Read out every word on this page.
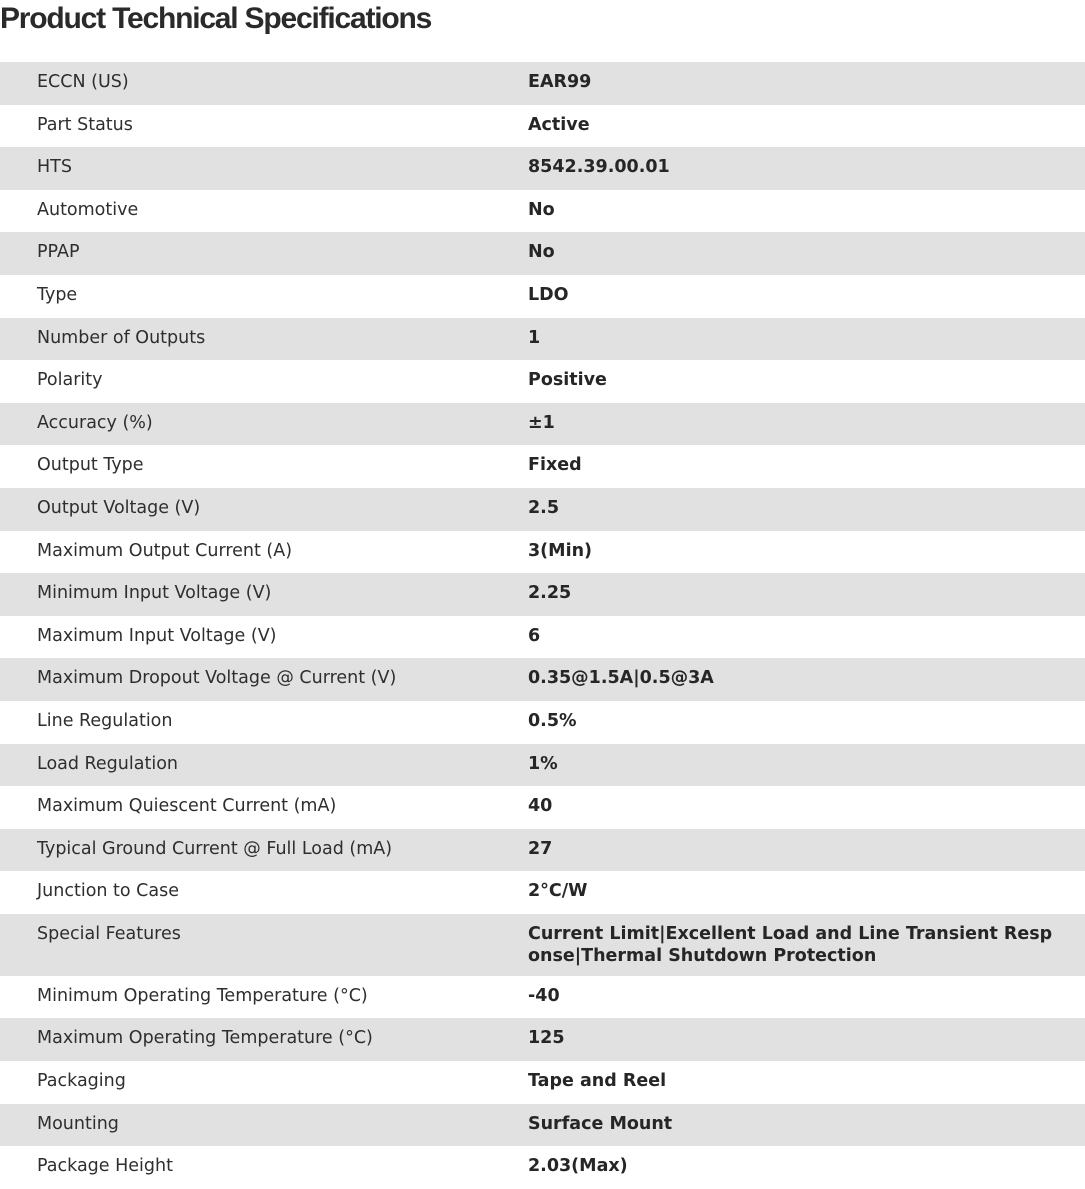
Product Technical Specifications
ECCN (US)	EAR99
Part Status	Active
HTS	8542.39.00.01
Automotive	No
PPAP	No
Type	LDO
Number of Outputs	1
Polarity	Positive
Accuracy (%)	±1
Output Type	Fixed
Output Voltage (V)	2.5
Maximum Output Current (A)	3(Min)
Minimum Input Voltage (V)	2.25
Maximum Input Voltage (V)	6
Maximum Dropout Voltage @ Current (V)	0.35@1.5A|0.5@3A
Line Regulation	0.5%
Load Regulation	1%
Maximum Quiescent Current (mA)	40
Typical Ground Current @ Full Load (mA)	27
Junction to Case	2°C/W
Special Features	Current Limit|Excellent Load and Line Transient Response|Thermal Shutdown Protection
Minimum Operating Temperature (°C)	-40
Maximum Operating Temperature (°C)	125
Packaging	Tape and Reel
Mounting	Surface Mount
Package Height	2.03(Max)
